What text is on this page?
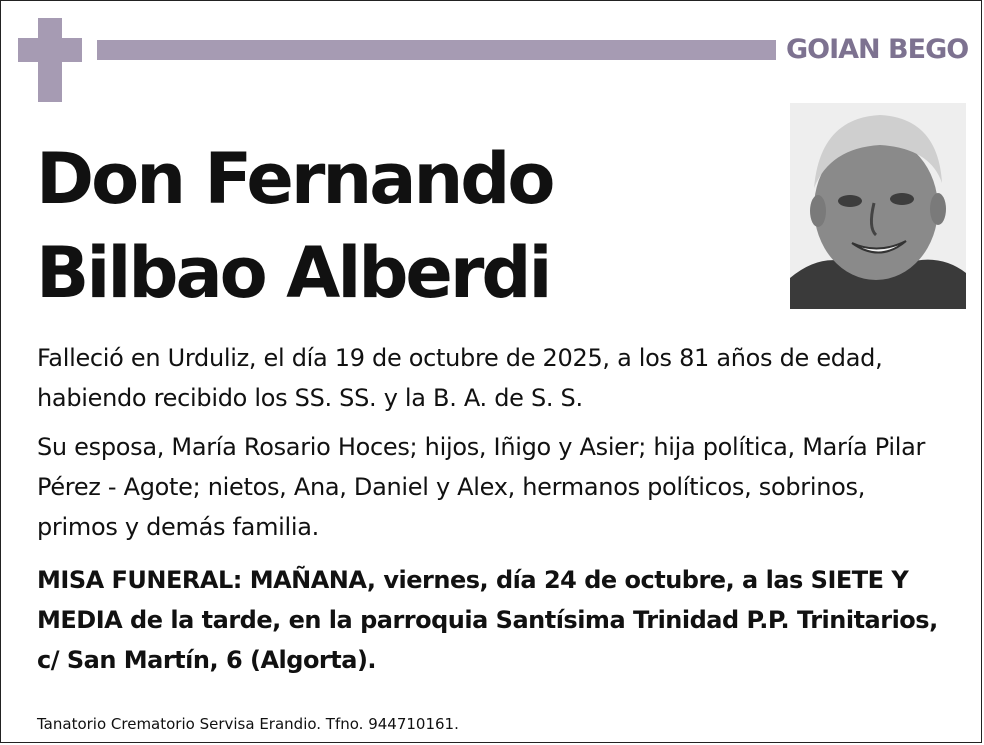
GOIAN BEGO
Don Fernando
Bilbao Alberdi
Falleció en Urduliz, el día 19 de octubre de 2025, a los 81 años de edad, habiendo recibido los SS. SS. y la B. A. de S. S.
Su esposa, María Rosario Hoces; hijos, Iñigo y Asier; hija política, María Pilar Pérez - Agote; nietos, Ana, Daniel y Alex, hermanos políticos, sobrinos, primos y demás familia.
MISA FUNERAL: MAÑANA, viernes, día 24 de octubre, a las SIETE Y MEDIA de la tarde, en la parroquia Santísima Trinidad P.P. Trinitarios, c/ San Martín, 6 (Algorta).
Tanatorio Crematorio Servisa Erandio. Tfno. 944710161.
